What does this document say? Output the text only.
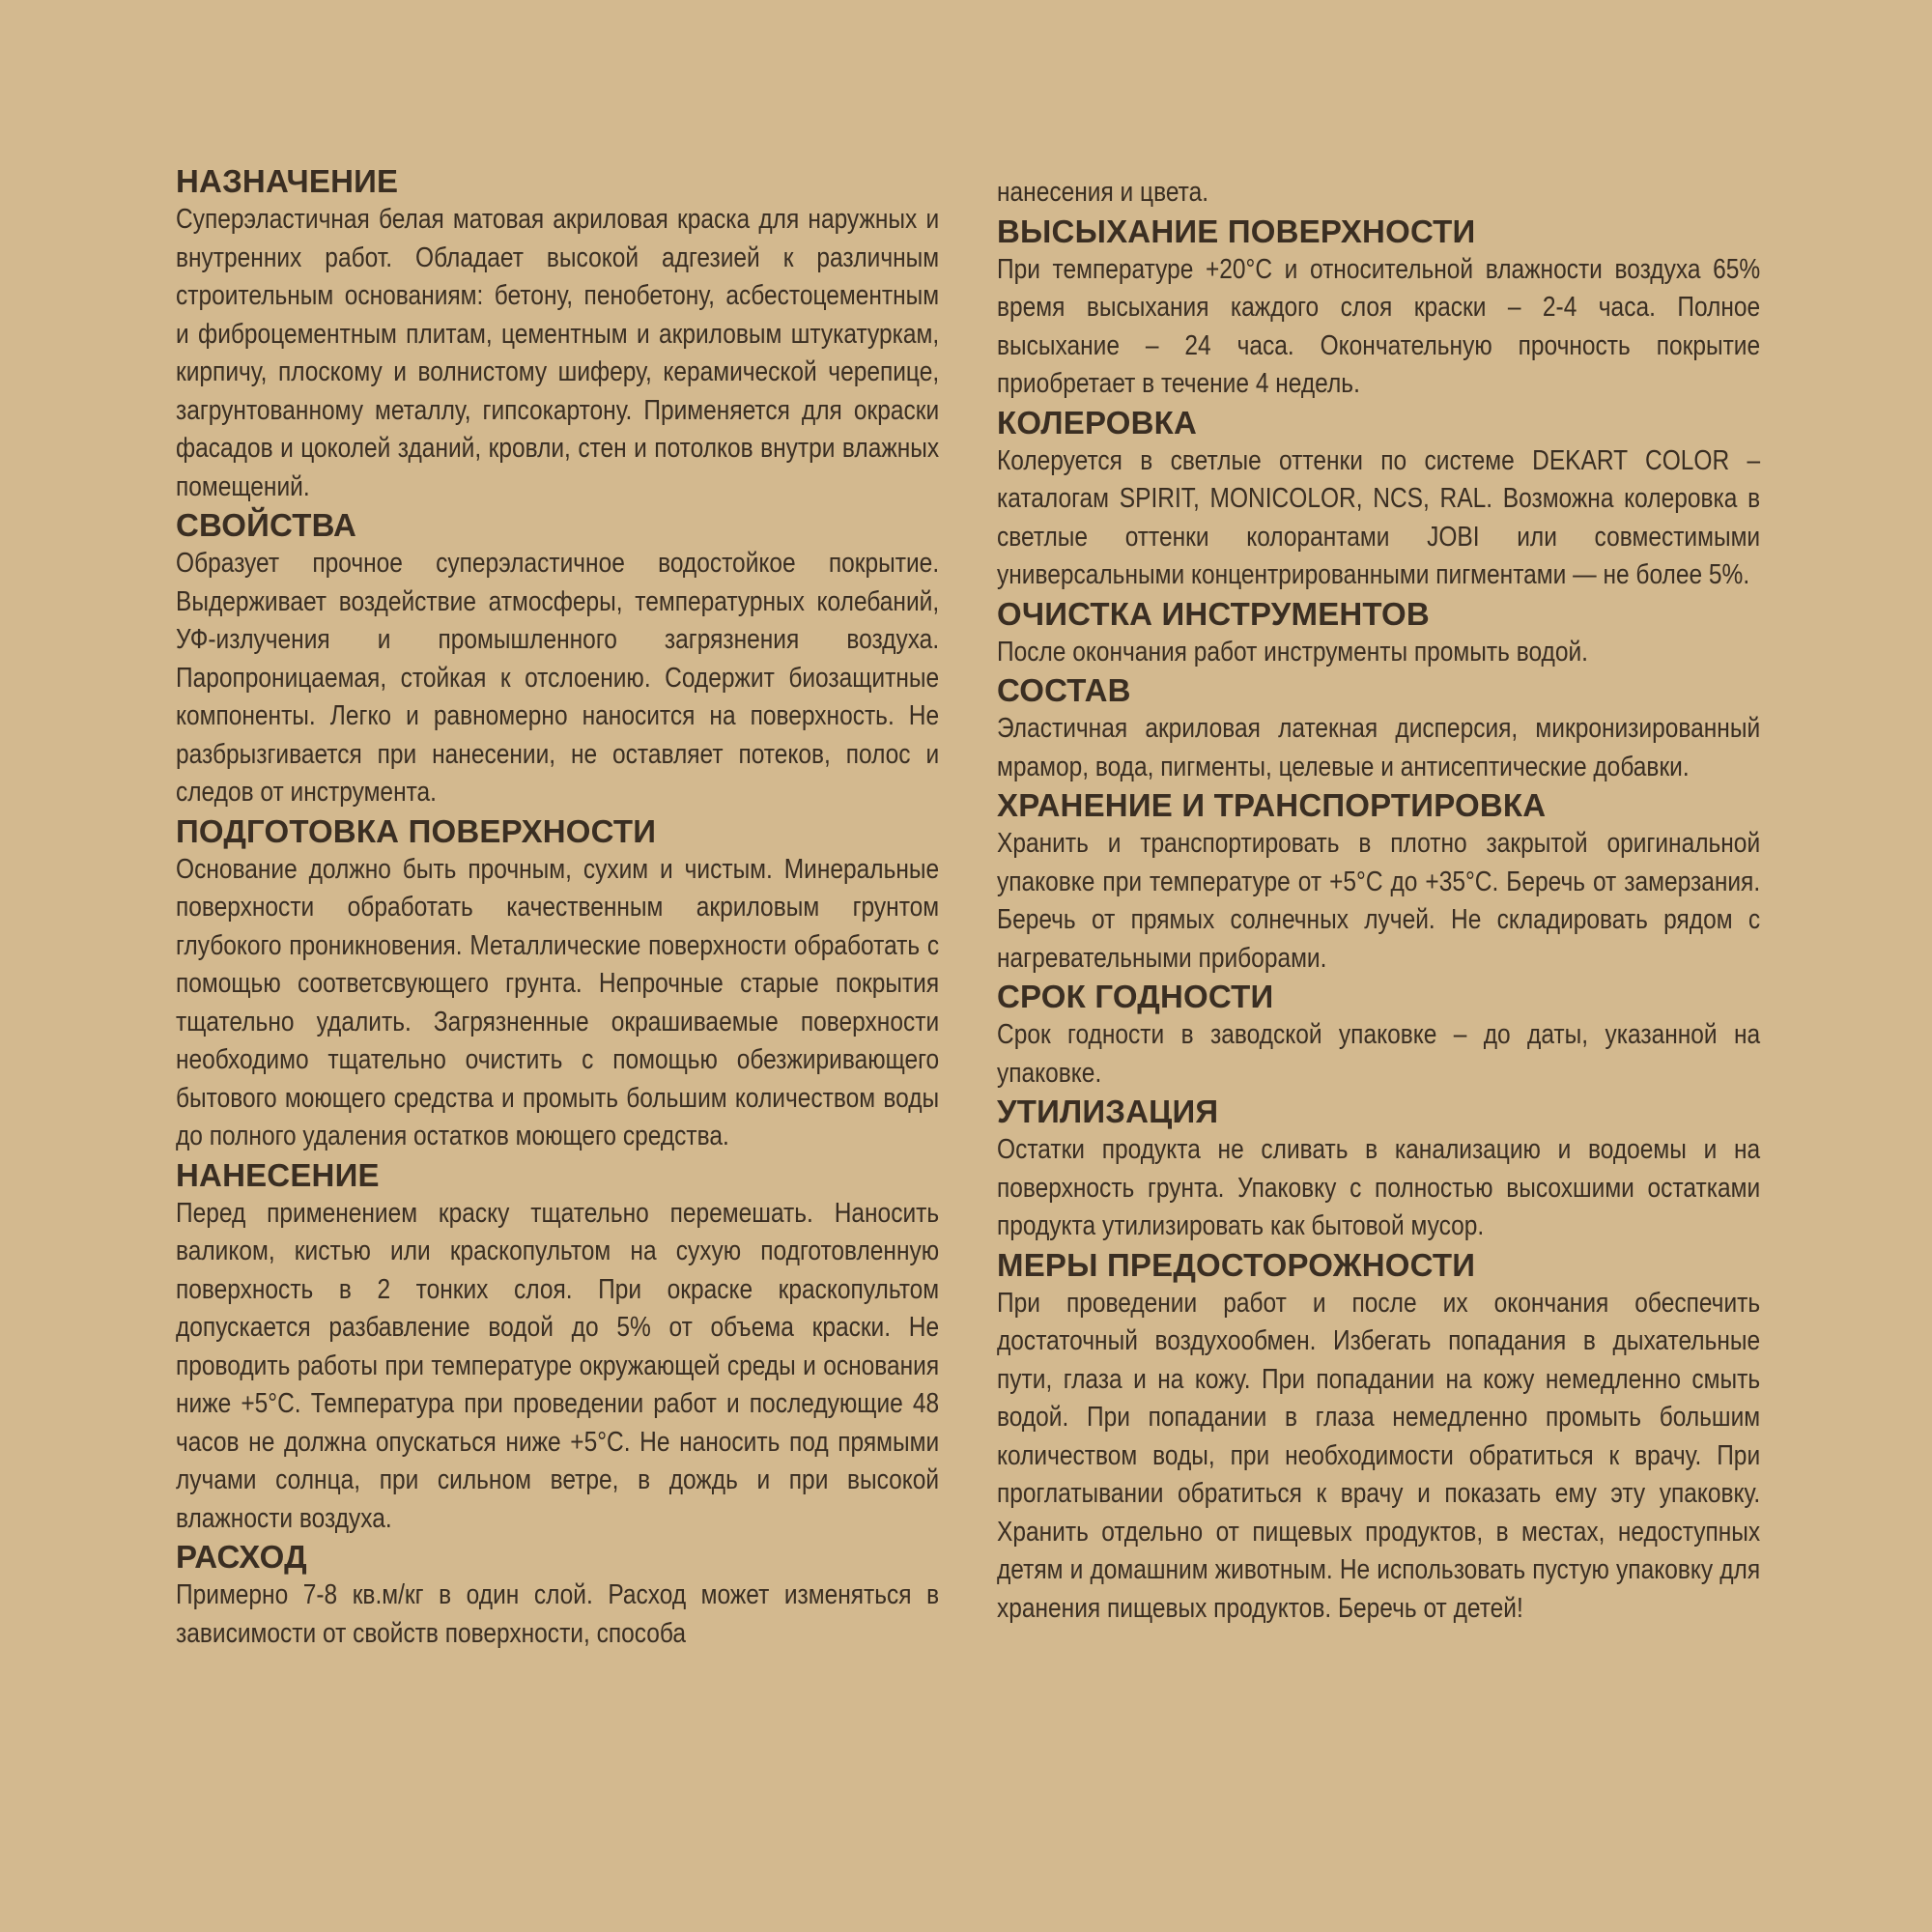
НАЗНАЧЕНИЕ

Суперэластичная белая матовая акриловая краска для наружных и внутренних работ. Обладает высокой адгезией к различным строительным основаниям: бетону, пенобетону, асбестоцементным и фиброцементным плитам, цементным и акриловым штукатуркам, кирпичу, плоскому и волнистому шиферу, керамической черепице, загрунтованному металлу, гипсокартону. Применяется для окраски фасадов и цоколей зданий, кровли, стен и потолков внутри влажных помещений.

СВОЙСТВА

Образует прочное суперэластичное водостойкое покрытие. Выдерживает воздействие атмосферы, температурных колебаний, УФ-излучения и промышленного загрязнения воздуха. Паропроницаемая, стойкая к отслоению. Содержит биозащитные компоненты. Легко и равномерно наносится на поверхность. Не разбрызгивается при нанесении, не оставляет потеков, полос и следов от инструмента.

ПОДГОТОВКА ПОВЕРХНОСТИ

Основание должно быть прочным, сухим и чистым. Минеральные поверхности обработать качественным акриловым грунтом глубокого проникновения. Металлические поверхности обработать с помощью соответсвующего грунта. Непрочные старые покрытия тщательно удалить. Загрязненные окрашиваемые поверхности необходимо тщательно очистить с помощью обезжиривающего бытового моющего средства и промыть большим количеством воды до полного удаления остатков моющего средства.

НАНЕСЕНИЕ

Перед применением краску тщательно перемешать. Наносить валиком, кистью или краскопультом на сухую подготовленную поверхность в 2 тонких слоя. При окраске краскопультом допускается разбавление водой до 5% от объема краски. Не проводить работы при температуре окружающей среды и основания ниже +5°С. Температура при проведении работ и последующие 48 часов не должна опускаться ниже +5°С. Не наносить под прямыми лучами солнца, при сильном ветре, в дождь и при высокой влажности воздуха.

РАСХОД

Примерно 7-8 кв.м/кг в один слой. Расход может изменяться в зависимости от свойств поверхности, способа

нанесения и цвета.

ВЫСЫХАНИЕ ПОВЕРХНОСТИ

При температуре +20°С и относительной влажности воздуха 65% время высыхания каждого слоя краски – 2-4 часа. Полное высыхание – 24 часа. Окончательную прочность покрытие приобретает в течение 4 недель.

КОЛЕРОВКА

Колеруется в светлые оттенки по системе DEKART COLOR – каталогам SPIRIT, MONICOLOR, NCS, RAL. Возможна колеровка в светлые оттенки колорантами JOBI или совместимыми универсальными концентрированными пигментами — не более 5%.

ОЧИСТКА ИНСТРУМЕНТОВ

После окончания работ инструменты промыть водой.

СОСТАВ

Эластичная акриловая латекная дисперсия, микронизированный мрамор, вода, пигменты, целевые и антисептические добавки.

ХРАНЕНИЕ И ТРАНСПОРТИРОВКА

Хранить и транспортировать в плотно закрытой оригинальной упаковке при температуре от +5°С до +35°С. Беречь от замерзания. Беречь от прямых солнечных лучей. Не складировать рядом с нагревательными приборами.

СРОК ГОДНОСТИ

Срок годности в заводской упаковке – до даты, указанной на упаковке.

УТИЛИЗАЦИЯ

Остатки продукта не сливать в канализацию и водоемы и на поверхность грунта. Упаковку с полностью высохшими остатками продукта утилизировать как бытовой мусор.

МЕРЫ ПРЕДОСТОРОЖНОСТИ

При проведении работ и после их окончания обеспечить достаточный воздухообмен. Избегать попадания в дыхательные пути, глаза и на кожу. При попадании на кожу немедленно смыть водой. При попадании в глаза немедленно промыть большим количеством воды, при необходимости обратиться к врачу. При проглатывании обратиться к врачу и показать ему эту упаковку. Хранить отдельно от пищевых продуктов, в местах, недоступных детям и домашним животным. Не использовать пустую упаковку для хранения пищевых продуктов. Беречь от детей!
